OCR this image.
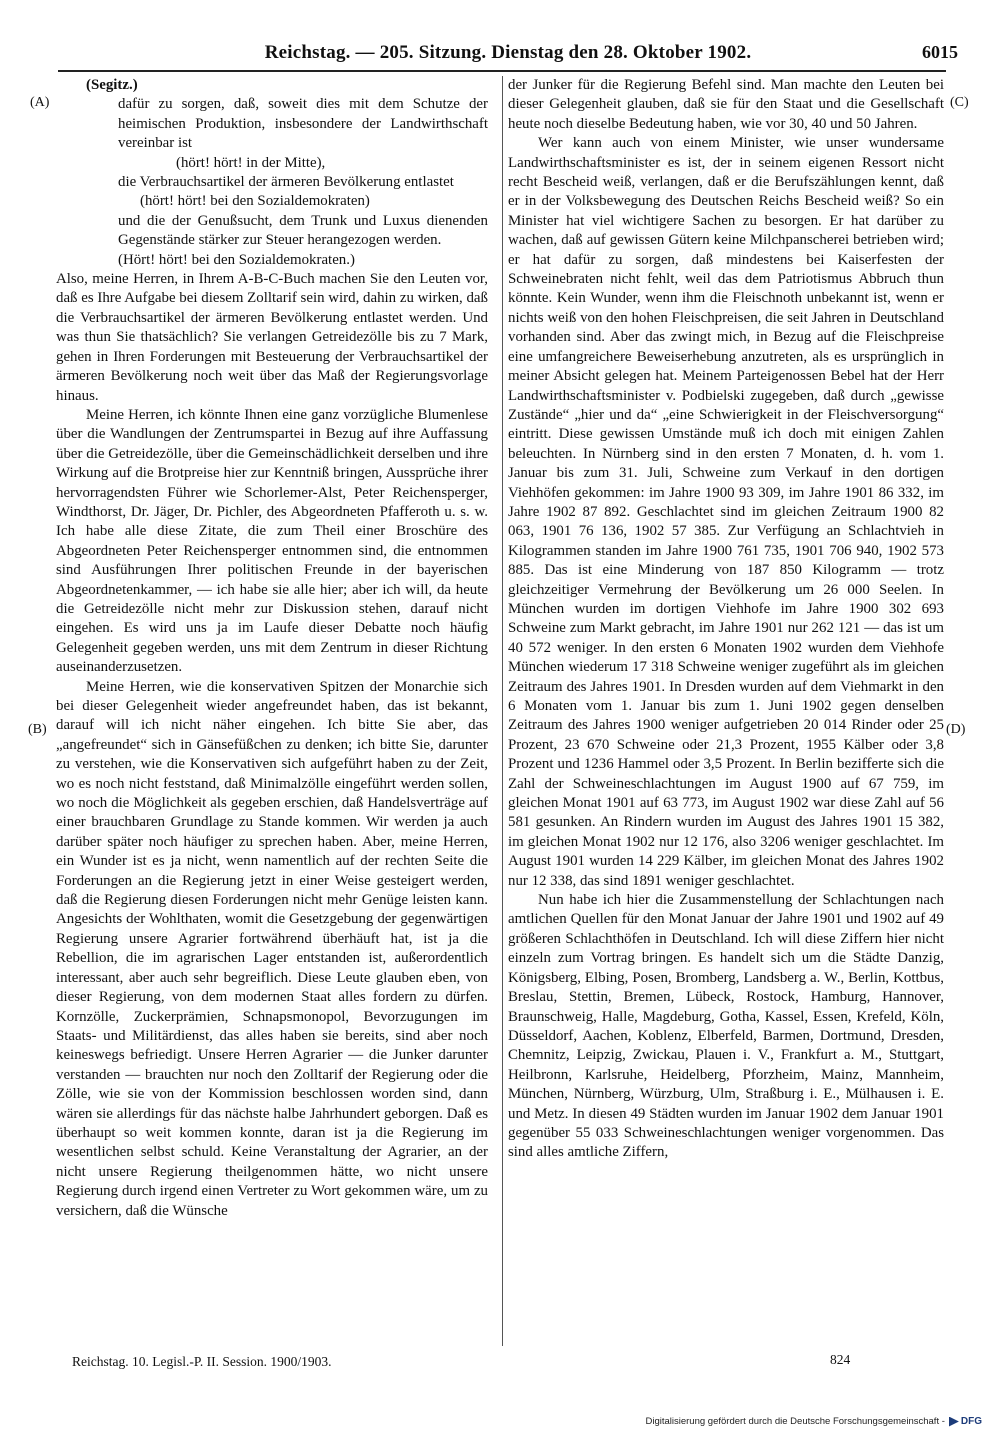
Reichstag. — 205. Sitzung. Dienstag den 28. Oktober 1902.	6015
(A)
(B)
(C)
(D)

(Segitz.)

dafür zu sorgen, daß, soweit dies mit dem Schutze der heimischen Produktion, insbesondere der Landwirthschaft vereinbar ist

(hört! hört! in der Mitte),

die Verbrauchsartikel der ärmeren Bevölkerung entlastet

(hört! hört! bei den Sozialdemokraten)

und die der Genußsucht, dem Trunk und Luxus dienenden Gegenstände stärker zur Steuer herangezogen werden.

(Hört! hört! bei den Sozialdemokraten.)

Also, meine Herren, in Ihrem A-B-C-Buch machen Sie den Leuten vor, daß es Ihre Aufgabe bei diesem Zolltarif sein wird, dahin zu wirken, daß die Verbrauchsartikel der ärmeren Bevölkerung entlastet werden. Und was thun Sie thatsächlich? Sie verlangen Getreidezölle bis zu 7 Mark, gehen in Ihren Forderungen mit Besteuerung der Verbrauchsartikel der ärmeren Bevölkerung noch weit über das Maß der Regierungsvorlage hinaus.

Meine Herren, ich könnte Ihnen eine ganz vorzügliche Blumenlese über die Wandlungen der Zentrumspartei in Bezug auf ihre Auffassung über die Getreidezölle, über die Gemeinschädlichkeit derselben und ihre Wirkung auf die Brotpreise hier zur Kenntniß bringen, Aussprüche ihrer hervorragendsten Führer wie Schorlemer-Alst, Peter Reichensperger, Windthorst, Dr. Jäger, Dr. Pichler, des Abgeordneten Pfafferoth u. s. w. Ich habe alle diese Zitate, die zum Theil einer Broschüre des Abgeordneten Peter Reichensperger entnommen sind, die entnommen sind Ausführungen Ihrer politischen Freunde in der bayerischen Abgeordnetenkammer, — ich habe sie alle hier; aber ich will, da heute die Getreidezölle nicht mehr zur Diskussion stehen, darauf nicht eingehen. Es wird uns ja im Laufe dieser Debatte noch häufig Gelegenheit gegeben werden, uns mit dem Zentrum in dieser Richtung auseinanderzusetzen.

Meine Herren, wie die konservativen Spitzen der Monarchie sich bei dieser Gelegenheit wieder angefreundet haben, das ist bekannt, darauf will ich nicht näher eingehen. Ich bitte Sie aber, das „angefreundet“ sich in Gänsefüßchen zu denken; ich bitte Sie, darunter zu verstehen, wie die Konservativen sich aufgeführt haben zu der Zeit, wo es noch nicht feststand, daß Minimalzölle eingeführt werden sollen, wo noch die Möglichkeit als gegeben erschien, daß Handelsverträge auf einer brauchbaren Grundlage zu Stande kommen. Wir werden ja auch darüber später noch häufiger zu sprechen haben. Aber, meine Herren, ein Wunder ist es ja nicht, wenn namentlich auf der rechten Seite die Forderungen an die Regierung jetzt in einer Weise gesteigert werden, daß die Regierung diesen Forderungen nicht mehr Genüge leisten kann. Angesichts der Wohlthaten, womit die Gesetzgebung der gegenwärtigen Regierung unsere Agrarier fortwährend überhäuft hat, ist ja die Rebellion, die im agrarischen Lager entstanden ist, außerordentlich interessant, aber auch sehr begreiflich. Diese Leute glauben eben, von dieser Regierung, von dem modernen Staat alles fordern zu dürfen. Kornzölle, Zuckerprämien, Schnapsmonopol, Bevorzugungen im Staats- und Militärdienst, das alles haben sie bereits, sind aber noch keineswegs befriedigt. Unsere Herren Agrarier — die Junker darunter verstanden — brauchten nur noch den Zolltarif der Regierung oder die Zölle, wie sie von der Kommission beschlossen worden sind, dann wären sie allerdings für das nächste halbe Jahrhundert geborgen. Daß es überhaupt so weit kommen konnte, daran ist ja die Regierung im wesentlichen selbst schuld. Keine Veranstaltung der Agrarier, an der nicht unsere Regierung theilgenommen hätte, wo nicht unsere Regierung durch irgend einen Vertreter zu Wort gekommen wäre, um zu versichern, daß die Wünsche

der Junker für die Regierung Befehl sind. Man machte den Leuten bei dieser Gelegenheit glauben, daß sie für den Staat und die Gesellschaft heute noch dieselbe Bedeutung haben, wie vor 30, 40 und 50 Jahren.

Wer kann auch von einem Minister, wie unser wundersame Landwirthschaftsminister es ist, der in seinem eigenen Ressort nicht recht Bescheid weiß, verlangen, daß er die Berufszählungen kennt, daß er in der Volksbewegung des Deutschen Reichs Bescheid weiß? So ein Minister hat viel wichtigere Sachen zu besorgen. Er hat darüber zu wachen, daß auf gewissen Gütern keine Milchpanscherei betrieben wird; er hat dafür zu sorgen, daß mindestens bei Kaiserfesten der Schweinebraten nicht fehlt, weil das dem Patriotismus Abbruch thun könnte. Kein Wunder, wenn ihm die Fleischnoth unbekannt ist, wenn er nichts weiß von den hohen Fleischpreisen, die seit Jahren in Deutschland vorhanden sind. Aber das zwingt mich, in Bezug auf die Fleischpreise eine umfangreichere Beweiserhebung anzutreten, als es ursprünglich in meiner Absicht gelegen hat. Meinem Parteigenossen Bebel hat der Herr Landwirthschaftsminister v. Podbielski zugegeben, daß durch „gewisse Zustände“ „hier und da“ „eine Schwierigkeit in der Fleischversorgung“ eintritt. Diese gewissen Umstände muß ich doch mit einigen Zahlen beleuchten. In Nürnberg sind in den ersten 7 Monaten, d. h. vom 1. Januar bis zum 31. Juli, Schweine zum Verkauf in den dortigen Viehhöfen gekommen: im Jahre 1900 93 309, im Jahre 1901 86 332, im Jahre 1902 87 892. Geschlachtet sind im gleichen Zeitraum 1900 82 063, 1901 76 136, 1902 57 385. Zur Verfügung an Schlachtvieh in Kilogrammen standen im Jahre 1900 761 735, 1901 706 940, 1902 573 885. Das ist eine Minderung von 187 850 Kilogramm — trotz gleichzeitiger Vermehrung der Bevölkerung um 26 000 Seelen. In München wurden im dortigen Viehhofe im Jahre 1900 302 693 Schweine zum Markt gebracht, im Jahre 1901 nur 262 121 — das ist um 40 572 weniger. In den ersten 6 Monaten 1902 wurden dem Viehhofe München wiederum 17 318 Schweine weniger zugeführt als im gleichen Zeitraum des Jahres 1901. In Dresden wurden auf dem Viehmarkt in den 6 Monaten vom 1. Januar bis zum 1. Juni 1902 gegen denselben Zeitraum des Jahres 1900 weniger aufgetrieben 20 014 Rinder oder 25 Prozent, 23 670 Schweine oder 21,3 Prozent, 1955 Kälber oder 3,8 Prozent und 1236 Hammel oder 3,5 Prozent. In Berlin bezifferte sich die Zahl der Schweineschlachtungen im August 1900 auf 67 759, im gleichen Monat 1901 auf 63 773, im August 1902 war diese Zahl auf 56 581 gesunken. An Rindern wurden im August des Jahres 1901 15 382, im gleichen Monat 1902 nur 12 176, also 3206 weniger geschlachtet. Im August 1901 wurden 14 229 Kälber, im gleichen Monat des Jahres 1902 nur 12 338, das sind 1891 weniger geschlachtet.

Nun habe ich hier die Zusammenstellung der Schlachtungen nach amtlichen Quellen für den Monat Januar der Jahre 1901 und 1902 auf 49 größeren Schlachthöfen in Deutschland. Ich will diese Ziffern hier nicht einzeln zum Vortrag bringen. Es handelt sich um die Städte Danzig, Königsberg, Elbing, Posen, Bromberg, Landsberg a. W., Berlin, Kottbus, Breslau, Stettin, Bremen, Lübeck, Rostock, Hamburg, Hannover, Braunschweig, Halle, Magdeburg, Gotha, Kassel, Essen, Krefeld, Köln, Düsseldorf, Aachen, Koblenz, Elberfeld, Barmen, Dortmund, Dresden, Chemnitz, Leipzig, Zwickau, Plauen i. V., Frankfurt a. M., Stuttgart, Heilbronn, Karlsruhe, Heidelberg, Pforzheim, Mainz, Mannheim, München, Nürnberg, Würzburg, Ulm, Straßburg i. E., Mülhausen i. E. und Metz. In diesen 49 Städten wurden im Januar 1902 dem Januar 1901 gegenüber 55 033 Schweineschlachtungen weniger vorgenommen. Das sind alles amtliche Ziffern,

Reichstag. 10. Legisl.-P. II. Session. 1900/1903.	824
Digitalisierung gefördert durch die Deutsche Forschungsgemeinschaft - DFG
